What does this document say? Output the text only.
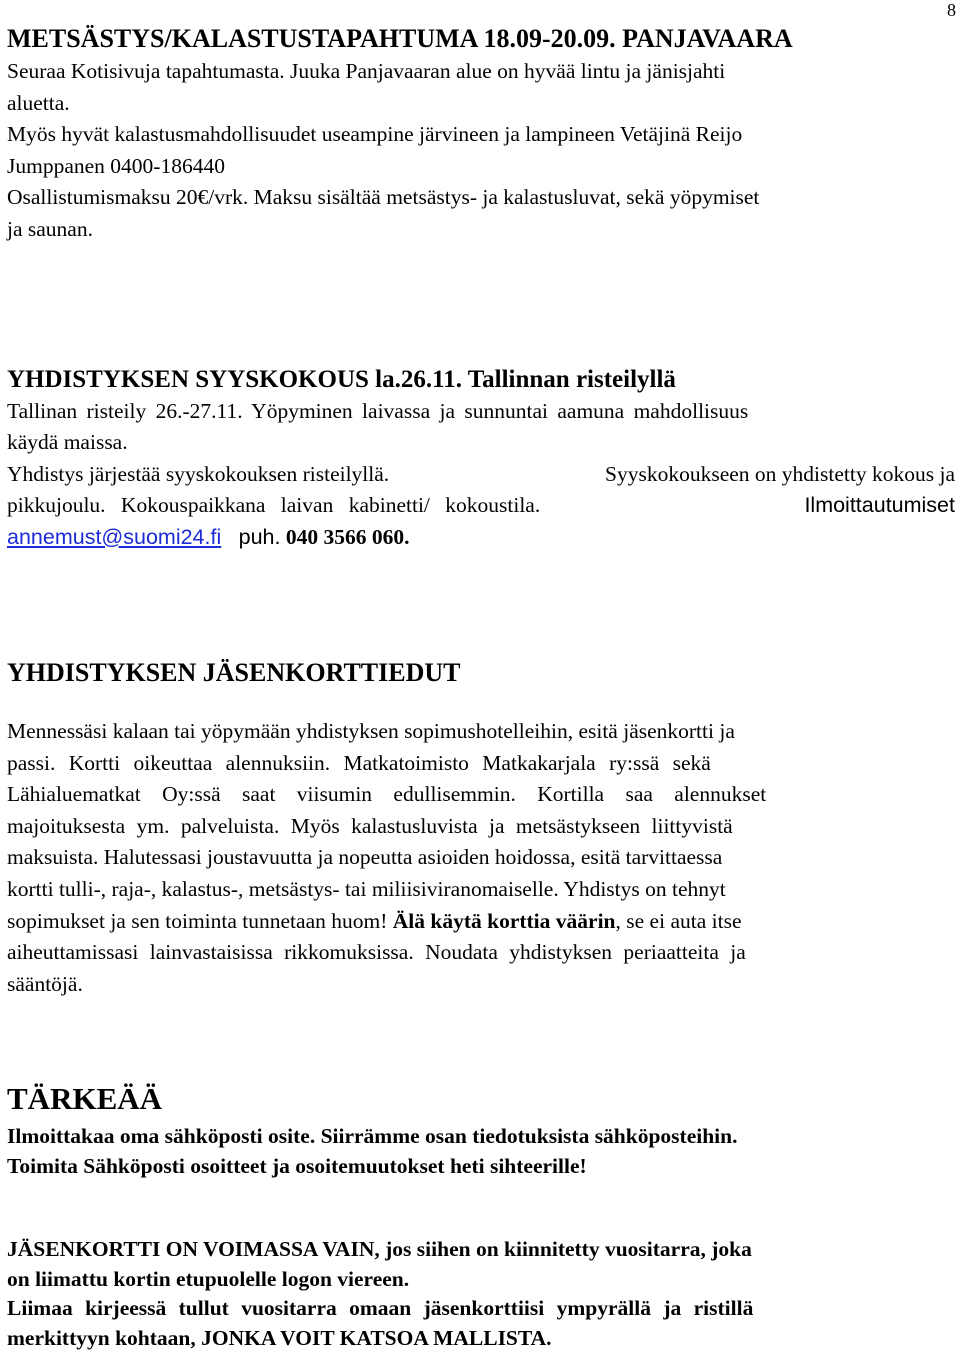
8
METSÄSTYS/KALASTUSTAPAHTUMA 18.09-20.09. PANJAVAARA
Seuraa Kotisivuja tapahtumasta. Juuka Panjavaaran alue on hyvää lintu ja jänisjahti
aluetta.
Myös hyvät kalastusmahdollisuudet useampine järvineen ja lampineen Vetäjinä Reijo
Jumppanen 0400-186440
Osallistumismaksu 20€/vrk. Maksu sisältää metsästys- ja kalastusluvat, sekä yöpymiset
ja saunan.
YHDISTYKSEN SYYSKOKOUS la.26.11. Tallinnan risteilyllä
Tallinan risteily 26.-27.11. Yöpyminen laivassa ja sunnuntai aamuna mahdollisuus
käydä maissa.
Yhdistys järjestää syyskokouksen risteilyllä.	Syyskokoukseen on yhdistetty kokous ja
pikkujoulu. Kokouspaikkana laivan kabinetti/ kokoustila.	Ilmoittautumiset
annemust@suomi24.fi puh. 040 3566 060.
YHDISTYKSEN JÄSENKORTTIEDUT
Mennessäsi kalaan tai yöpymään yhdistyksen sopimushotelleihin, esitä jäsenkortti ja
passi. Kortti oikeuttaa alennuksiin. Matkatoimisto Matkakarjala ry:ssä sekä
Lähialuematkat Oy:ssä saat viisumin edullisemmin. Kortilla saa alennukset
majoituksesta ym. palveluista. Myös kalastusluvista ja metsästykseen liittyvistä
maksuista. Halutessasi joustavuutta ja nopeutta asioiden hoidossa, esitä tarvittaessa
kortti tulli-, raja-, kalastus-, metsästys- tai miliisiviranomaiselle. Yhdistys on tehnyt
sopimukset ja sen toiminta tunnetaan huom! Älä käytä korttia väärin, se ei auta itse
aiheuttamissasi lainvastaisissa rikkomuksissa. Noudata yhdistyksen periaatteita ja
sääntöjä.
TÄRKEÄÄ
Ilmoittakaa oma sähköposti osite. Siirrämme osan tiedotuksista sähköposteihin.
Toimita Sähköposti osoitteet ja osoitemuutokset heti sihteerille!
JÄSENKORTTI ON VOIMASSA VAIN, jos siihen on kiinnitetty vuositarra, joka
on liimattu kortin etupuolelle logon viereen.
Liimaa kirjeessä tullut vuositarra omaan jäsenkorttiisi ympyrällä ja ristillä
merkittyyn kohtaan, JONKA VOIT KATSOA MALLISTA.
